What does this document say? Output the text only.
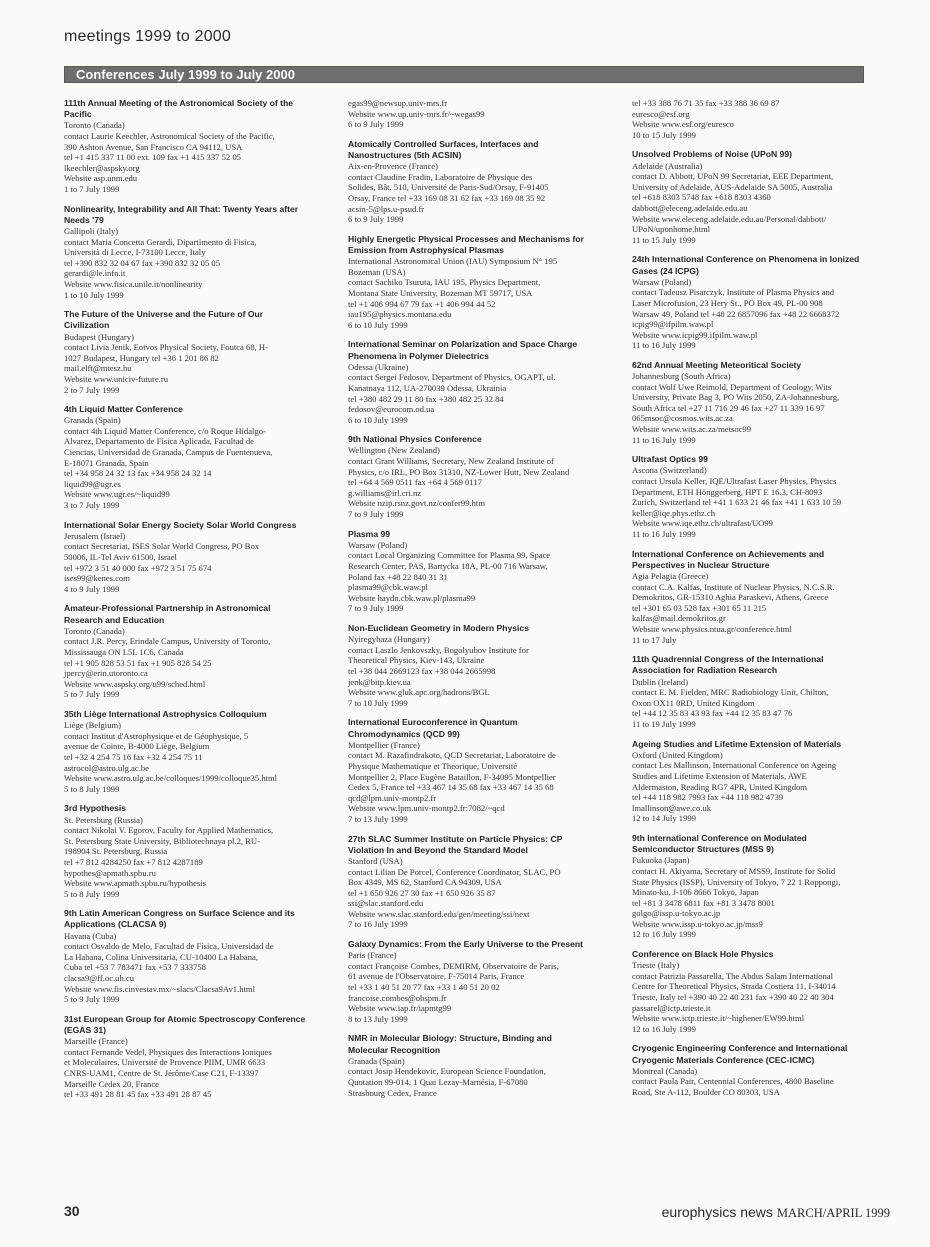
meetings 1999 to 2000
Conferences July 1999 to July 2000
111th Annual Meeting of the Astronomical Society of the
Pacific
Toronto (Canada)
contact Laurie Keechler, Astronomical Society of the Pacific,
390 Ashton Avenue, San Francisco CA 94112, USA
tel +1 415 337 11 00 ext. 109 fax +1 415 337 52 05
lkeechler@aspsky.org
Website asp.unm.edu
1 to 7 July 1999
Nonlinearity, Integrability and All That: Twenty Years after
Needs '79
Gallipoli (Italy)
contact Maria Concetta Gerardi, Dipartimento di Fisica,
Università di Lecce, I-73100 Lecce, Italy
tel +390 832 32 04 67 fax +390 832 32 05 05
gerardi@le.infn.it
Website www.fisica.unile.it/nonlinearity
1 to 10 July 1999
The Future of the Universe and the Future of Our
Civilization
Budapest (Hungary)
contact Livia Jenik, Eotvos Physical Society, Foutca 68, H-
1027 Budapest, Hungary tel +36 1 201 86 82
mail.elft@mtesz.hu
Website www.uniciv-future.ru
2 to 7 July 1999
4th Liquid Matter Conference
Granada (Spain)
contact 4th Liquid Matter Conference, c/o Roque Hidalgo-
Alvarez, Departamento de Fisica Aplicada, Facultad de
Ciencias, Universidad de Granada, Campus de Fuentenueva,
E-18071 Granada, Spain
tel +34 958 24 32 13 fax +34 958 24 32 14
liquid99@ugr.es
Website www.ugr.es/~liquid99
3 to 7 July 1999
International Solar Energy Society Solar World Congress
Jerusalem (Israel)
contact Secretariat, ISES Solar World Congress, PO Box
50006, IL-Tel Aviv 61500, Israel
tel +972 3 51 40 000 fax +972 3 51 75 674
ises99@kenes.com
4 to 9 July 1999
Amateur-Professional Partnership in Astronomical
Research and Education
Toronto (Canada)
contact J.R. Percy, Erindale Campus, University of Toronto,
Mississauga ON L5L 1C6, Canada
tel +1 905 828 53 51 fax +1 905 828 54 25
jpercy@erin.utoronto.ca
Website www.aspsky.org/u99/sched.html
5 to 7 July 1999
35th Liège International Astrophysics Colloquium
Liège (Belgium)
contact Institut d'Astrophysique et de Géophysique, 5
avenue de Cointe, B-4000 Liège, Belgium
tel +32 4 254 75 16 fax +32 4 254 75 11
astrocol@astro.ulg.ac.be
Website www.astro.ulg.ac.be/colloques/1999/colloque35.html
5 to 8 July 1999
3rd Hypothesis
St. Petersburg (Russia)
contact Nikolai V. Egorov, Faculty for Applied Mathematics,
St. Petersburg State University, Bibliotechnaya pl.2, RU-
198904 St. Petersburg, Russia
tel +7 812 4284250 fax +7 812 4287189
hypothes@apmath.spbu.ru
Website www.apmath.spbu.ru/hypothesis
5 to 8 July 1999
9th Latin American Congress on Surface Science and its
Applications (CLACSA 9)
Havana (Cuba)
contact Osvaldo de Melo, Facultad de Física, Universidad de
La Habana, Colina Universitaria, CU-10400 La Habana,
Cuba tel +53 7 783471 fax +53 7 333758
clacsa9@ff.oc.uh.cu
Website www.fis.cinvestav.mx/~slacs/Clacsa9Av1.html
5 to 9 July 1999
31st European Group for Atomic Spectroscopy Conference
(EGAS 31)
Marseille (France)
contact Fernande Vedel, Physiques des Interactions Ioniques
et Moleculaires, Université de Provence PIIM, UMR 6633
CNRS-UAM1, Centre de St. Jérôme/Case C21, F-13397
Marseille Cedex 20, France
tel +33 491 28 81 45 fax +33 491 28 87 45
egas99@newsup.univ-mrs.fr
Website www.up.univ-mrs.fr/~wegas99
6 to 9 July 1999
Atomically Controlled Surfaces, Interfaces and
Nanostructures (5th ACSIN)
Aix-en-Provence (France)
contact Claudine Fradin, Laboratoire de Physique des
Solides, Bât. 510, Université de Paris-Sud/Orsay, F-91405
Orsay, France tel +33 169 08 31 62 fax +33 169 08 35 92
acsin-5@lps.u-psud.fr
6 to 9 July 1999
Highly Energetic Physical Processes and Mechanisms for
Emission from Astrophysical Plasmas
International Astronomical Union (IAU) Symposium N° 195
Bozeman (USA)
contact Sachiko Tsuruta, IAU 195, Physics Department,
Montana State University, Bozeman MT 59717, USA
tel +1 406 994 67 79 fax +1 406 994 44 52
iau195@physics.montana.edu
6 to 10 July 1999
International Seminar on Polarization and Space Charge
Phenomena in Polymer Dielectrics
Odessa (Ukraine)
contact Sergei Fedosov, Department of Physics, OGAPT, ul.
Kanatnaya 112, UA-270039 Odessa, Ukrainia
tel +380 482 29 11 80 fax +380 482 25 32 84
fedosov@eurocom.od.ua
6 to 10 July 1999
9th National Physics Conference
Wellington (New Zealand)
contact Grant Williams, Secretary, New Zealand Institute of
Physics, c/o IRL, PO Box 31310, NZ-Lower Hutt, New Zealand
tel +64 4 569 0511 fax +64 4 569 0117
g.williams@irl.cri.nz
Website nzip.rsnz.govt.nz/confer99.htm
7 to 9 July 1999
Plasma 99
Warsaw (Poland)
contact Local Organizing Committee for Plasma 99, Space
Research Center, PAS, Bartycka 18A, PL-00 716 Warsaw,
Poland fax +48 22 840 31 31
plasma99@cbk.waw.pl
Website haydn.cbk.waw.pl/plasma99
7 to 9 July 1999
Non-Euclidean Geometry in Modern Physics
Nyiregyhaza (Hungary)
contact Laszlo Jenkovszky, Bogolyubov Institute for
Theoretical Physics, Kiev-143, Ukraine
tel +38 044 2669123 fax +38 044 2665998
jenk@bitp.kiev.ua
Website www.gluk.apc.org/hadrons/BGL
7 to 10 July 1999
International Euroconference in Quantum
Chromodynamics (QCD 99)
Montpellier (France)
contact M. Razafindrakoto, QCD Secretariat, Laboratoire de
Physique Mathematique et Theorique, Université
Montpellier 2, Place Eugène Bataillon, F-34095 Montpellier
Cedex 5, France tel +33 467 14 35 68 fax +33 467 14 35 68
qcd@lpm.univ-montp2.fr
Website www.lpm.univ-montp2.fr:7082/~qcd
7 to 13 July 1999
27th SLAC Summer Institute on Particle Physics: CP
Violation In and Beyond the Standard Model
Stanford (USA)
contact Lilian De Porcel, Conference Coordinator, SLAC, PO
Box 4349, MS 62, Stanford CA 94309, USA
tel +1 650 926 27 30 fax +1 650 926 35 87
ssi@slac.stanford.edu
Website www.slac.stanford.edu/gen/meeting/ssi/next
7 to 16 July 1999
Galaxy Dynamics: From the Early Universe to the Present
Paris (France)
contact Françoise Combes, DEMIRM, Observatoire de Paris,
61 avenue de l'Observatoire, F-75014 Paris, France
tel +33 1 40 51 20 77 fax +33 1 40 51 20 02
francoise.combes@obspm.fr
Website www.iap.fr/iapmtg99
8 to 13 July 1999
NMR in Molecular Biology: Structure, Binding and
Molecular Recognition
Granada (Spain)
contact Josip Hendekovic, European Science Foundation,
Quotation 99-014, 1 Quai Lezay-Marnésia, F-67080
Strasbourg Cedex, France
tel +33 388 76 71 35 fax +33 388 36 69 87
euresco@esf.org
Website www.esf.org/euresco
10 to 15 July 1999
Unsolved Problems of Noise (UPoN 99)
Adelaide (Australia)
contact D. Abbott, UPoN 99 Secretariat, EEE Department,
University of Adelaide, AUS-Adelaide SA 5005, Australia
tel +618 8303 5748 fax +618 8303 4360
dabbott@eleceng.adelaide.edu.au
Website www.eleceng.adelaide.edu.au/Personal/dabbott/
UPoN/uponhome.html
11 to 15 July 1999
24th International Conference on Phenomena in Ionized
Gases (24 ICPG)
Warsaw (Poland)
contact Tadeusz Pisarczyk, Institute of Plasma Physics and
Laser Microfusion, 23 Hery St., PO Box 49, PL-00 908
Warsaw 49, Poland tel +48 22 6857096 fax +48 22 6668372
icpig99@ifpilm.waw.pl
Website www.icpig99.ifpilm.waw.pl
11 to 16 July 1999
62nd Annual Meeting Meteoritical Society
Johannesburg (South Africa)
contact Wolf Uwe Reimold, Department of Geology, Wits
University, Private Bag 3, PO Wits 2050, ZA-Johannesburg,
South Africa tel +27 11 716 29 46 fax +27 11 339 16 97
065msoc@cosmos.wits.ac.za
Website www.wits.ac.za/metsoc99
11 to 16 July 1999
Ultrafast Optics 99
Ascona (Switzerland)
contact Ursula Keller, IQE/Ultrafast Laser Physics, Physics
Department, ETH Hönggerberg, HPT E 16.3, CH-8093
Zurich, Switzerland tel +41 1 633 21 46 fax +41 1 633 10 59
keller@iqe.phys.ethz.ch
Website www.iqe.ethz.ch/ultrafast/UO99
11 to 16 July 1999
International Conference on Achievements and
Perspectives in Nuclear Structure
Agia Pelagia (Greece)
contact C.A. Kalfas, Institute of Nuclear Physics, N.C.S.R.
Demokritos, GR-15310 Aghia Paraskevi, Athens, Greece
tel +301 65 03 528 fax +301 65 11 215
kalfas@mail.demokritos.gr
Website www.physics.ntua.gr/conference.html
11 to 17 July
11th Quadrennial Congress of the International
Association for Radiation Research
Dublin (Ireland)
contact E. M. Fielden, MRC Radiobiology Unit, Chilton,
Oxon OX11 0RD, United Kingdom
tel +44 12 35 83 43 93 fax +44 12 35 83 47 76
11 to 19 July 1999
Ageing Studies and Lifetime Extension of Materials
Oxford (United Kingdom)
contact Les Mallinson, International Conference on Ageing
Studies and Lifetime Extension of Materials, AWE
Aldermaston, Reading RG7 4PR, United Kingdom
tel +44 118 982 7993 fax +44 118 982 4739
lmallinson@awe.co.uk
12 to 14 July 1999
9th International Conference on Modulated
Semiconductor Structures (MSS 9)
Fukuoka (Japan)
contact H. Akiyama, Secretary of MSS9, Institute for Solid
State Physics (ISSP), University of Tokyo, 7 22 1 Roppongi,
Minato-ku, J-106 8666 Tokyo, Japan
tel +81 3 3478 6811 fax +81 3 3478 8001
golgo@issp.u-tokyo.ac.jp
Website www.issp.u-tokyo.ac.jp/mss9
12 to 16 July 1999
Conference on Black Hole Physics
Trieste (Italy)
contact Patrizia Passarella, The Abdus Salam International
Centre for Theoretical Physics, Strada Costiera 11, I-34014
Trieste, Italy tel +390 40 22 40 231 fax +390 40 22 40 304
passarel@ictp.trieste.it
Website www.ictp.trieste.it/~highener/EW99.html
12 to 16 July 1999
Cryogenic Engineering Conference and International
Cryogenic Materials Conference (CEC-ICMC)
Montreal (Canada)
contact Paula Pair, Centennial Conferences, 4800 Baseline
Road, Ste A-112, Boulder CO 80303, USA
30	europhysics news MARCH/APRIL 1999
